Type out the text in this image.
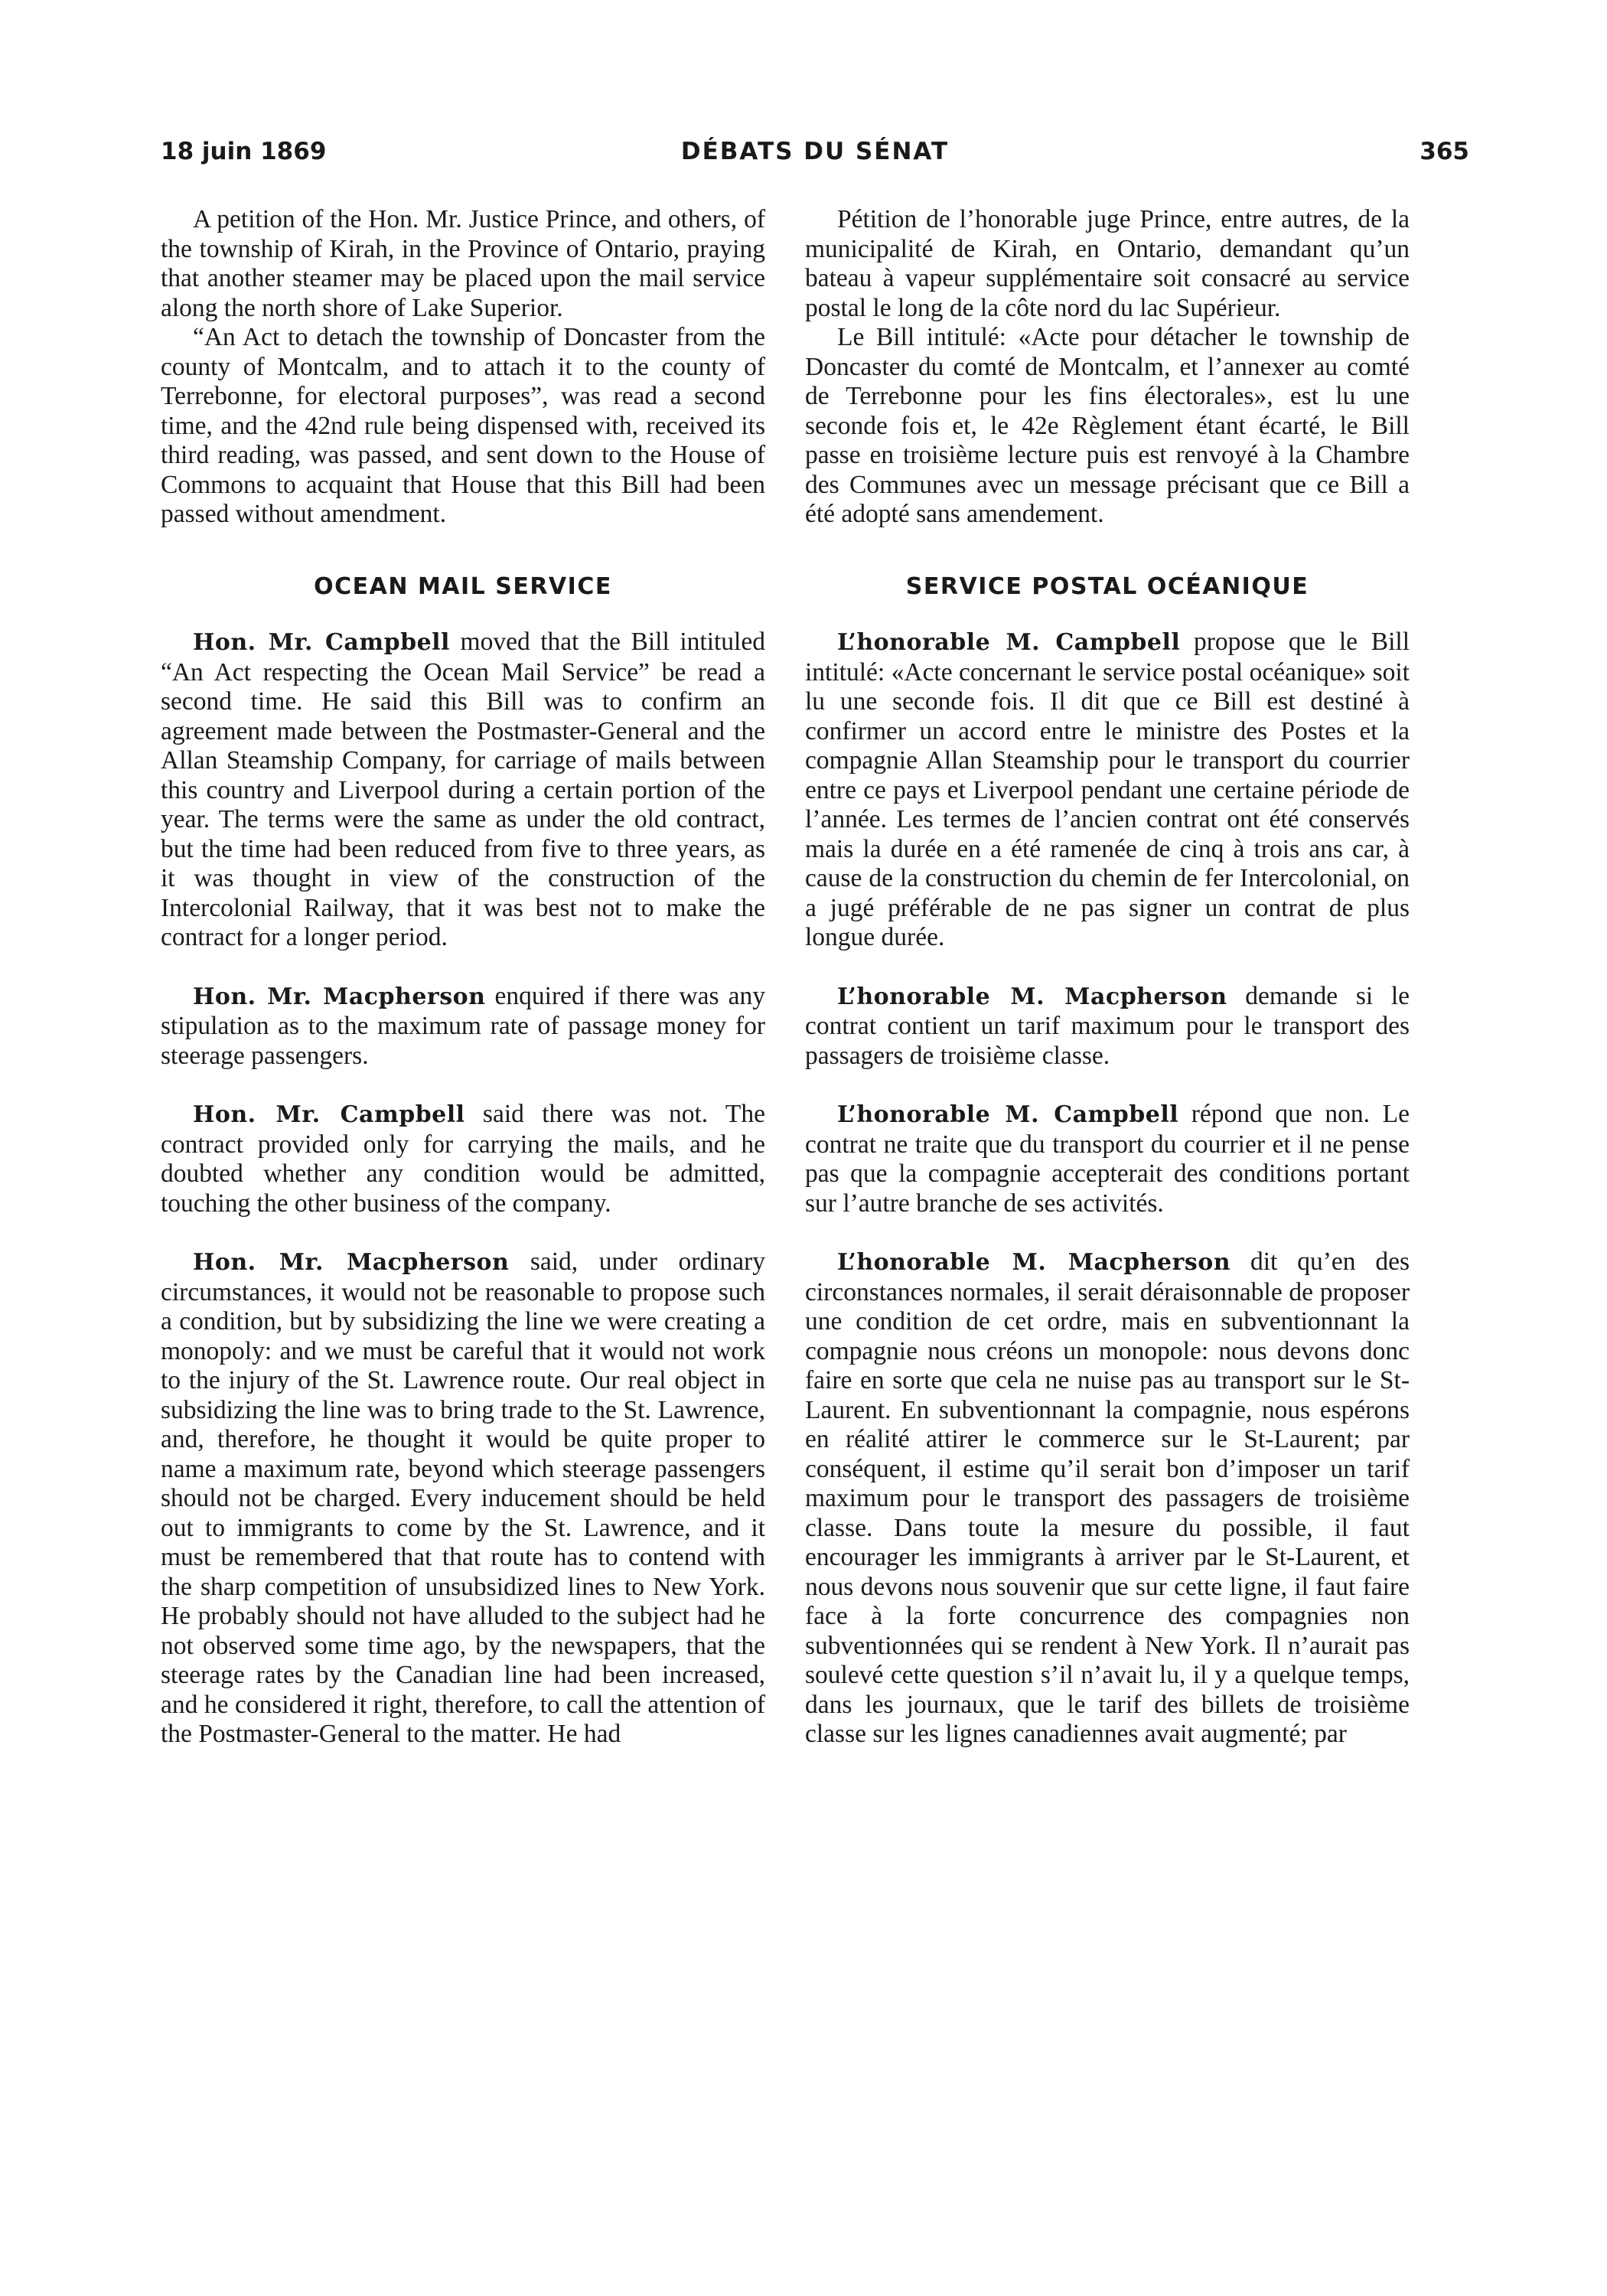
18 juin 1869	DÉBATS DU SÉNAT	365

A petition of the Hon. Mr. Justice Prince, and others, of the township of Kirah, in the Province of Ontario, praying that another steamer may be placed upon the mail service along the north shore of Lake Superior.

“An Act to detach the township of Doncaster from the county of Montcalm, and to attach it to the county of Terrebonne, for electoral purposes”, was read a second time, and the 42nd rule being dispensed with, received its third reading, was passed, and sent down to the House of Commons to acquaint that House that this Bill had been passed without amendment.

OCEAN MAIL SERVICE

Hon. Mr. Campbell moved that the Bill intituled “An Act respecting the Ocean Mail Service” be read a second time. He said this Bill was to confirm an agreement made between the Postmaster-General and the Allan Steamship Company, for carriage of mails between this country and Liverpool during a certain portion of the year. The terms were the same as under the old contract, but the time had been reduced from five to three years, as it was thought in view of the construction of the Intercolonial Railway, that it was best not to make the contract for a longer period.

Hon. Mr. Macpherson enquired if there was any stipulation as to the maximum rate of passage money for steerage passengers.

Hon. Mr. Campbell said there was not. The contract provided only for carrying the mails, and he doubted whether any condition would be admitted, touching the other business of the company.

Hon. Mr. Macpherson said, under ordinary circumstances, it would not be reasonable to propose such a condition, but by subsidizing the line we were creating a monopoly: and we must be careful that it would not work to the injury of the St. Lawrence route. Our real object in subsidizing the line was to bring trade to the St. Lawrence, and, therefore, he thought it would be quite proper to name a maximum rate, beyond which steerage passengers should not be charged. Every inducement should be held out to immigrants to come by the St. Lawrence, and it must be remembered that that route has to contend with the sharp competition of unsubsidized lines to New York. He probably should not have alluded to the subject had he not observed some time ago, by the newspapers, that the steerage rates by the Canadian line had been increased, and he considered it right, therefore, to call the attention of the Postmaster-General to the matter. He had

Pétition de l’honorable juge Prince, entre autres, de la municipalité de Kirah, en Ontario, demandant qu’un bateau à vapeur supplémentaire soit consacré au service postal le long de la côte nord du lac Supérieur.

Le Bill intitulé: «Acte pour détacher le township de Doncaster du comté de Montcalm, et l’annexer au comté de Terrebonne pour les fins électorales», est lu une seconde fois et, le 42e Règlement étant écarté, le Bill passe en troisième lecture puis est renvoyé à la Chambre des Communes avec un message précisant que ce Bill a été adopté sans amendement.

SERVICE POSTAL OCÉANIQUE

L’honorable M. Campbell propose que le Bill intitulé: «Acte concernant le service postal océanique» soit lu une seconde fois. Il dit que ce Bill est destiné à confirmer un accord entre le ministre des Postes et la compagnie Allan Steamship pour le transport du courrier entre ce pays et Liverpool pendant une certaine période de l’année. Les termes de l’ancien contrat ont été conservés mais la durée en a été ramenée de cinq à trois ans car, à cause de la construction du chemin de fer Intercolonial, on a jugé préférable de ne pas signer un contrat de plus longue durée.

L’honorable M. Macpherson demande si le contrat contient un tarif maximum pour le transport des passagers de troisième classe.

L’honorable M. Campbell répond que non. Le contrat ne traite que du transport du courrier et il ne pense pas que la compagnie accepterait des conditions portant sur l’autre branche de ses activités.

L’honorable M. Macpherson dit qu’en des circonstances normales, il serait déraisonnable de proposer une condition de cet ordre, mais en subventionnant la compagnie nous créons un monopole: nous devons donc faire en sorte que cela ne nuise pas au transport sur le St-Laurent. En subventionnant la compagnie, nous espérons en réalité attirer le commerce sur le St-Laurent; par conséquent, il estime qu’il serait bon d’imposer un tarif maximum pour le transport des passagers de troisième classe. Dans toute la mesure du possible, il faut encourager les immigrants à arriver par le St-Laurent, et nous devons nous souvenir que sur cette ligne, il faut faire face à la forte concurrence des compagnies non subventionnées qui se rendent à New York. Il n’aurait pas soulevé cette question s’il n’avait lu, il y a quelque temps, dans les journaux, que le tarif des billets de troisième classe sur les lignes canadiennes avait augmenté; par
